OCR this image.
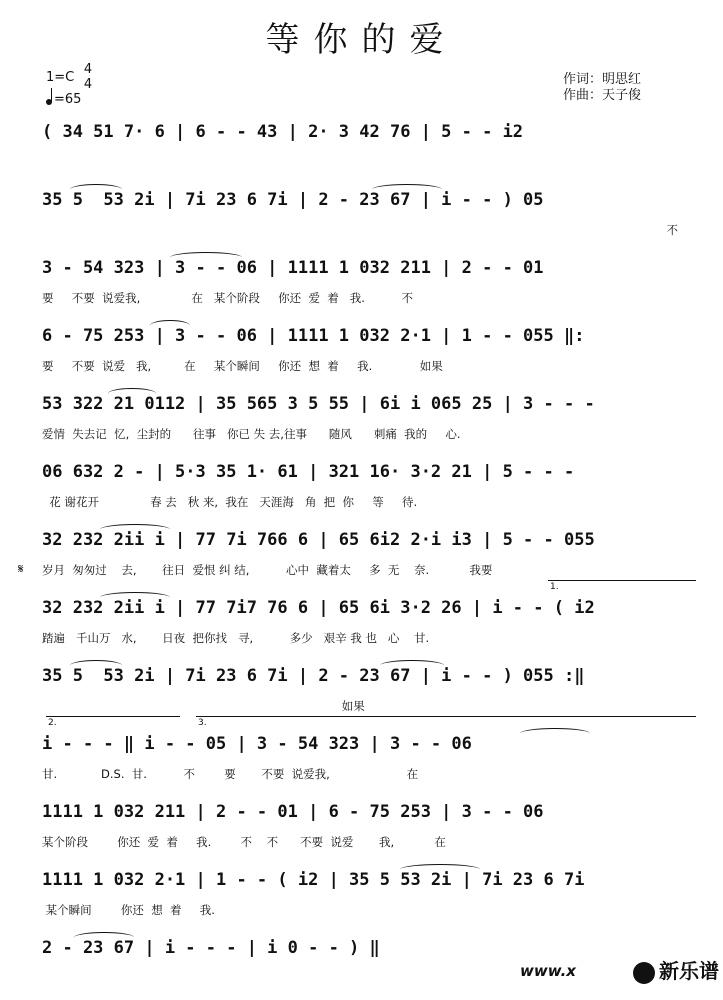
等你的爱
1=C
4
4
=65
作词：明思红
作曲：天子俊
( 34 51 7· 6 | 6 - - 43 | 2· 3 42 76 | 5 - - i2
35 5  53 2i | 7i 23 6 7i | 2 - 23 67 | i - - ) 05
不
3 - 54 323 | 3 - - 06 | 1111 1 032 211 | 2 - - 01
要     不要  说爱我,              在   某个阶段     你还  爱  着   我.          不
6 - 75 253 | 3 - - 06 | 1111 1 032 2·1 | 1 - - 055 ‖:
要     不要  说爱   我,         在     某个瞬间     你还  想  着     我.             如果
53 322 21 0112 | 35 565 3 5 55 | 6i i 065 25 | 3 - - -
爱情  失去记  忆,  尘封的      往事   你已 失 去,往事      随风      刺痛  我的     心.
06 632 2 - | 5·3 35 1· 61 | 321 16· 3·2 21 | 5 - - -
花 谢花开              春 去   秋 来,  我在   天涯海   角  把  你     等     待.
𝄋
32 232 2ii i | 77 7i 766 6 | 65 6i2 2·i i3 | 5 - - 055
岁月  匆匆过    去,       往日  爱恨 纠 结,          心中  藏着太     多  无    奈.           我要
1.
32 232 2ii i | 77 7i7 76 6 | 65 6i 3·2 26 | i - - ( i2
踏遍   千山万   水,       日夜  把你找   寻,          多少   艰辛 我 也   心    甘.
35 5  53 2i | 7i 23 6 7i | 2 - 23 67 | i - - ) 055 :‖
如果
2.	3.
i - - - ‖ i - - 05 | 3 - 54 323 | 3 - - 06
甘.            D.S.  甘.          不        要       不要  说爱我,                     在
1111 1 032 211 | 2 - - 01 | 6 - 75 253 | 3 - - 06
某个阶段        你还  爱  着     我.        不    不      不要  说爱       我,           在
1111 1 032 2·1 | 1 - - ( i2 | 35 5 53 2i | 7i 23 6 7i
某个瞬间        你还  想  着     我.
2 - 23 67 | i - - - | i 0 - - ) ‖
www.x	新乐谱
